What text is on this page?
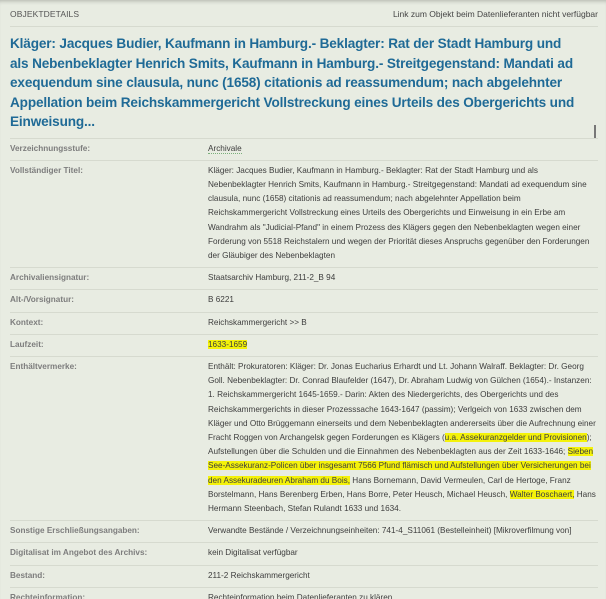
OBJEKTDETAILS	Link zum Objekt beim Datenlieferanten nicht verfügbar
Kläger: Jacques Budier, Kaufmann in Hamburg.- Beklagter: Rat der Stadt Hamburg und als Nebenbeklagter Henrich Smits, Kaufmann in Hamburg.- Streitgegenstand: Mandati ad exequendum sine clausula, nunc (1658) citationis ad reassumendum; nach abgelehnter Appellation beim Reichskammergericht Vollstreckung eines Urteils des Obergerichts und Einweisung...
Verzeichnungsstufe:	Archivale
Vollständiger Titel:	Kläger: Jacques Budier, Kaufmann in Hamburg.- Beklagter: Rat der Stadt Hamburg und als Nebenbeklagter Henrich Smits, Kaufmann in Hamburg.- Streitgegenstand: Mandati ad exequendum sine clausula, nunc (1658) citationis ad reassumendum; nach abgelehnter Appellation beim Reichskammergericht Vollstreckung eines Urteils des Obergerichts und Einweisung in ein Erbe am Wandrahm als "Judicial-Pfand" in einem Prozess des Klägers gegen den Nebenbeklagten wegen einer Forderung von 5518 Reichstalern und wegen der Priorität dieses Anspruchs gegenüber den Forderungen der Gläubiger des Nebenbeklagten
Archivaliensignatur:	Staatsarchiv Hamburg, 211-2_B 94
Alt-/Vorsignatur:	B 6221
Kontext:	Reichskammergericht >> B
Laufzeit:	1633-1659
Enthältvermerke:	Enthält: Prokuratoren: Kläger: Dr. Jonas Eucharius Erhardt und Lt. Johann Walraff. Beklagter: Dr. Georg Goll. Nebenbeklagter: Dr. Conrad Blaufelder (1647), Dr. Abraham Ludwig von Gülchen (1654).- Instanzen: 1. Reichskammergericht 1645-1659.- Darin: Akten des Niedergerichts, des Obergerichts und des Reichskammergerichts in dieser Prozesssache 1643-1647 (passim); Verlgeich von 1633 zwischen dem Kläger und Otto Brüggemann einerseits und dem Nebenbeklagten andererseits über die Aufrechnung einer Fracht Roggen von Archangelsk gegen Forderungen es Klägers (u.a. Assekuranzgelder und Provisionen); Aufstellungen über die Schulden und die Einnahmen des Nebenbeklagten aus der Zeit 1633-1646; Sieben See-Assekuranz-Policen über insgesamt 7566 Pfund flämisch und Aufstellungen über Versicherungen bei den Assekuradeuren Abraham du Bois, Hans Bornemann, David Vermeulen, Carl de Hertoge, Franz Borstelmann, Hans Berenberg Erben, Hans Borre, Peter Heusch, Michael Heusch, Walter Boschaert, Hans Hermann Steenbach, Stefan Rulandt 1633 und 1634.
Sonstige Erschließungsangaben:	Verwandte Bestände / Verzeichnungseinheiten: 741-4_S11061 (Bestelleinheit) [Mikroverfilmung von]
Digitalisat im Angebot des Archivs:	kein Digitalisat verfügbar
Bestand:	211-2 Reichskammergericht
Rechteinformation:	Rechteinformation beim Datenlieferanten zu klären.
